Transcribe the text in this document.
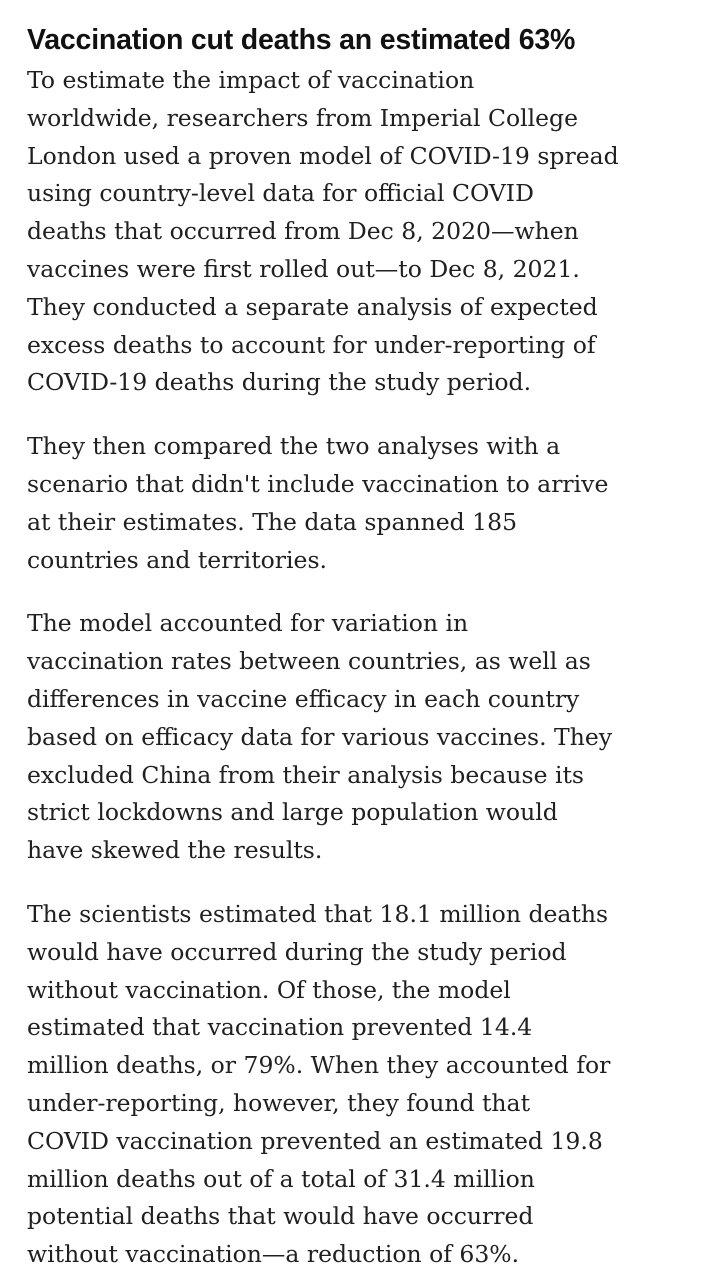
Vaccination cut deaths an estimated 63%

To estimate the impact of vaccination
worldwide, researchers from Imperial College
London used a proven model of COVID-19 spread
using country-level data for official COVID
deaths that occurred from Dec 8, 2020—when
vaccines were first rolled out—to Dec 8, 2021.
They conducted a separate analysis of expected
excess deaths to account for under-reporting of
COVID-19 deaths during the study period.

They then compared the two analyses with a
scenario that didn't include vaccination to arrive
at their estimates. The data spanned 185
countries and territories.

The model accounted for variation in
vaccination rates between countries, as well as
differences in vaccine efficacy in each country
based on efficacy data for various vaccines. They
excluded China from their analysis because its
strict lockdowns and large population would
have skewed the results.

The scientists estimated that 18.1 million deaths
would have occurred during the study period
without vaccination. Of those, the model
estimated that vaccination prevented 14.4
million deaths, or 79%. When they accounted for
under-reporting, however, they found that
COVID vaccination prevented an estimated 19.8
million deaths out of a total of 31.4 million
potential deaths that would have occurred
without vaccination—a reduction of 63%.
